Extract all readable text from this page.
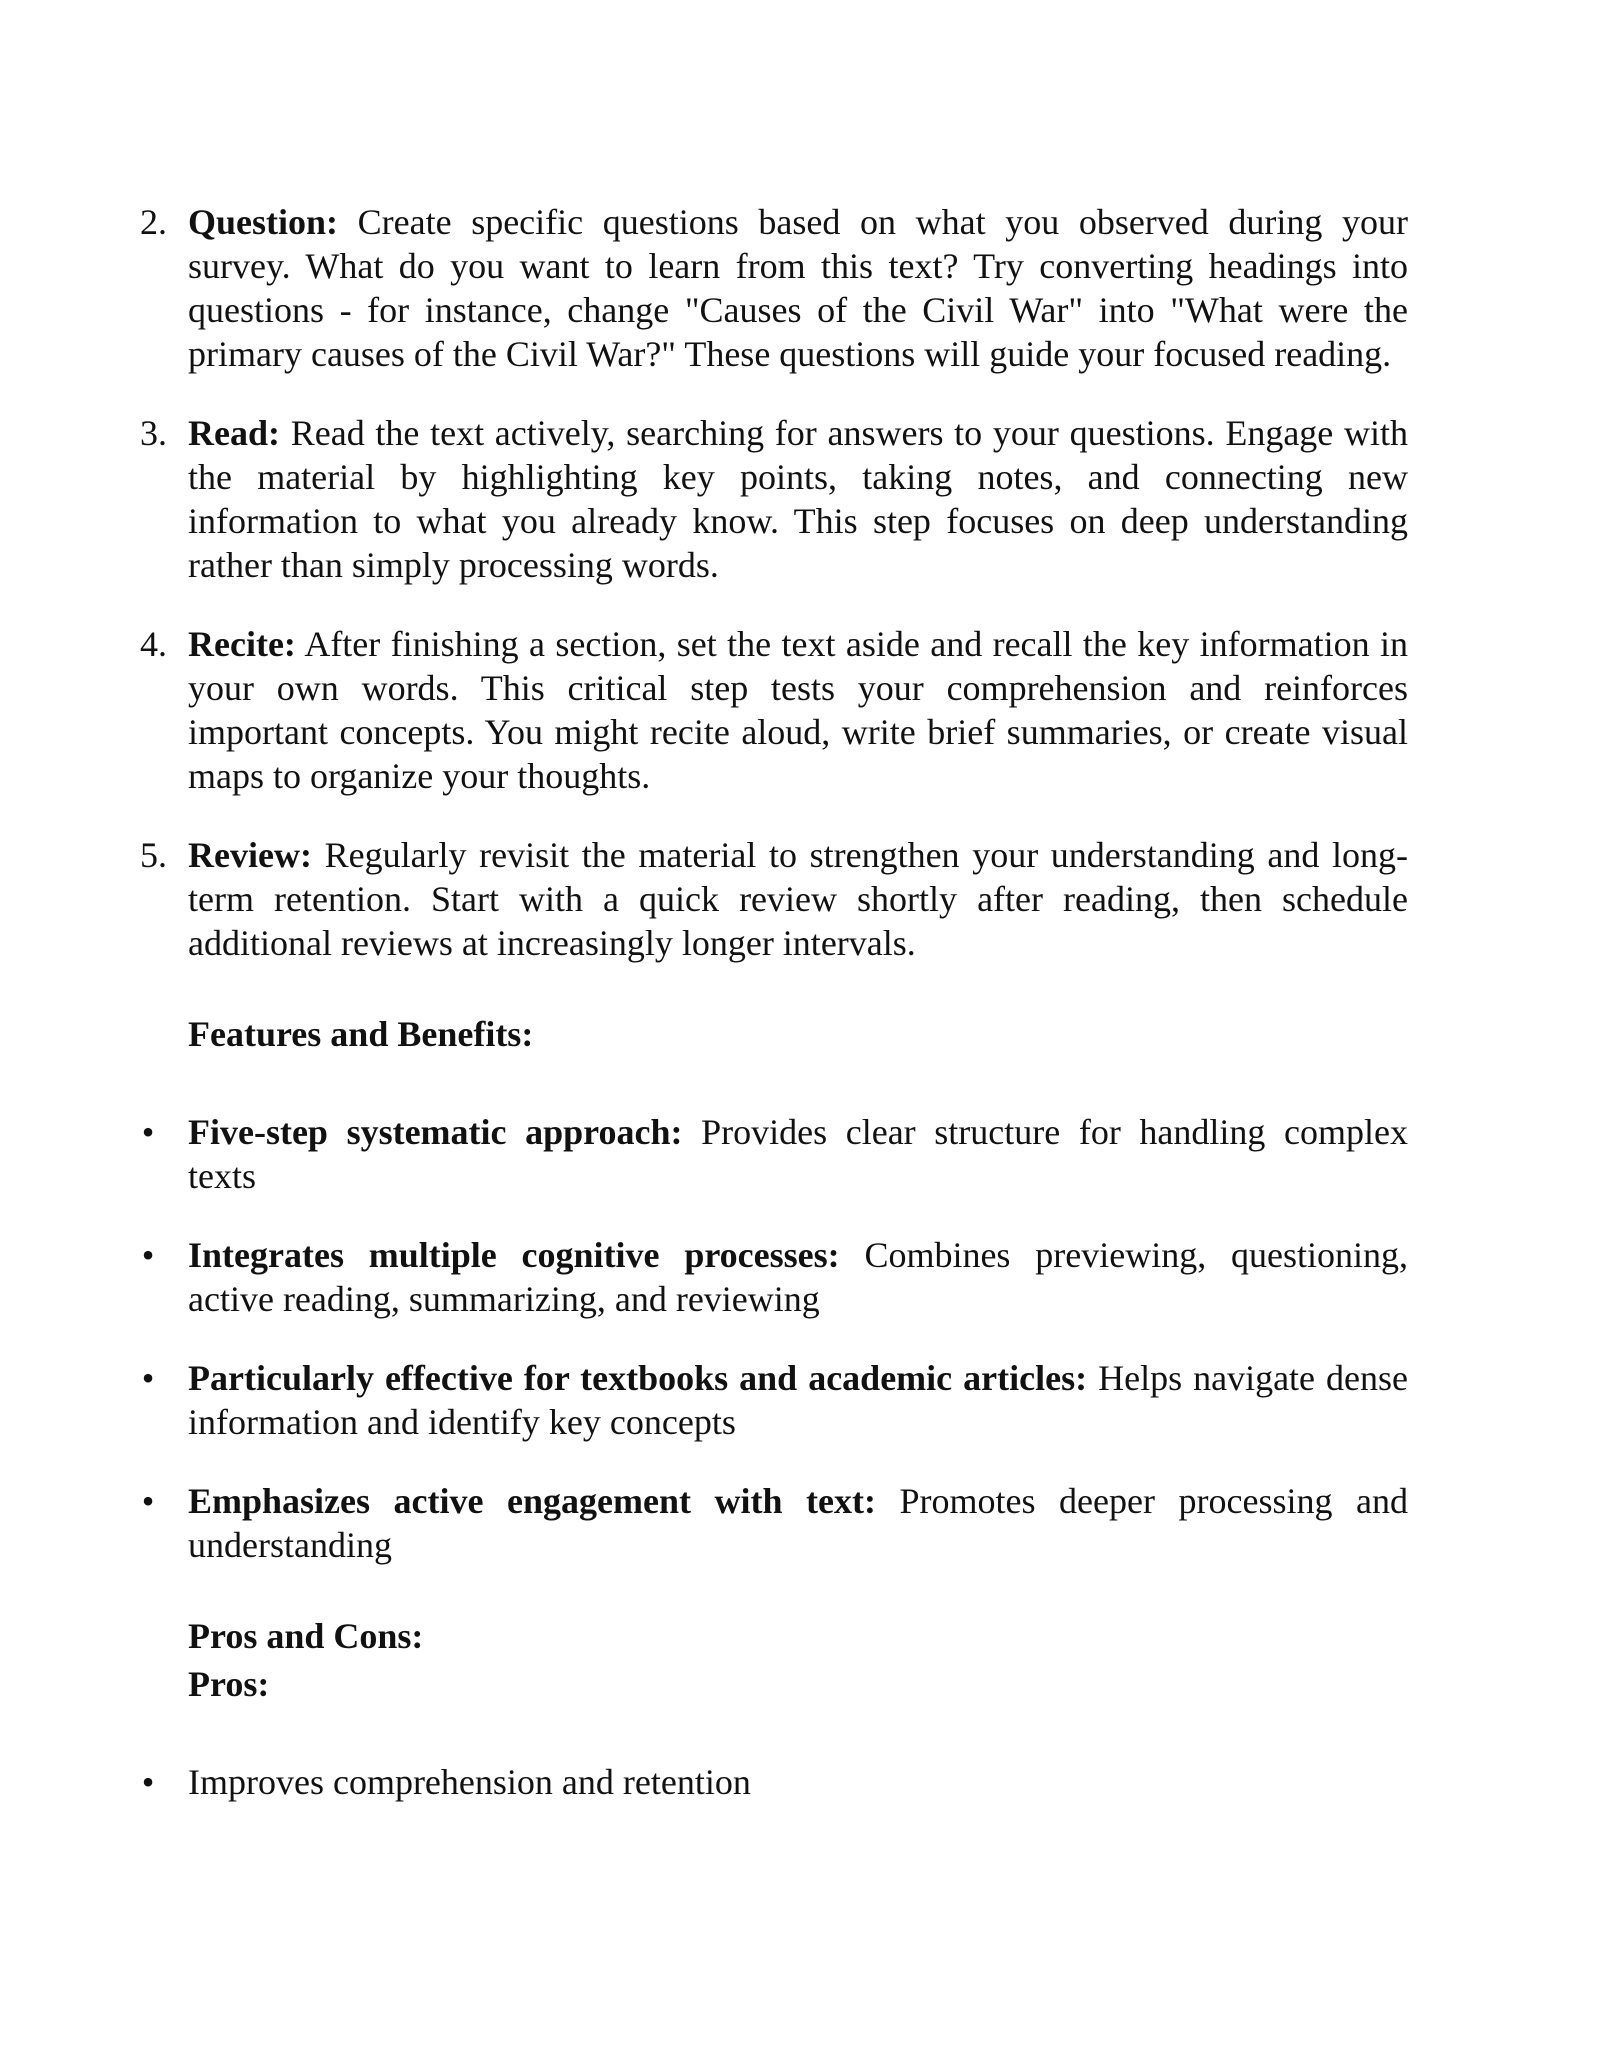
2. Question: Create specific questions based on what you observed during your survey. What do you want to learn from this text? Try converting headings into questions - for instance, change "Causes of the Civil War" into "What were the primary causes of the Civil War?" These questions will guide your focused reading.
3. Read: Read the text actively, searching for answers to your questions. Engage with the material by highlighting key points, taking notes, and connecting new information to what you already know. This step focuses on deep understanding rather than simply processing words.
4. Recite: After finishing a section, set the text aside and recall the key information in your own words. This critical step tests your comprehension and reinforces important concepts. You might recite aloud, write brief summaries, or create visual maps to organize your thoughts.
5. Review: Regularly revisit the material to strengthen your understanding and long-term retention. Start with a quick review shortly after reading, then schedule additional reviews at increasingly longer intervals.

Features and Benefits:

• Five-step systematic approach: Provides clear structure for handling complex texts
• Integrates multiple cognitive processes: Combines previewing, questioning, active reading, summarizing, and reviewing
• Particularly effective for textbooks and academic articles: Helps navigate dense information and identify key concepts
• Emphasizes active engagement with text: Promotes deeper processing and understanding

Pros and Cons:

Pros:

• Improves comprehension and retention
